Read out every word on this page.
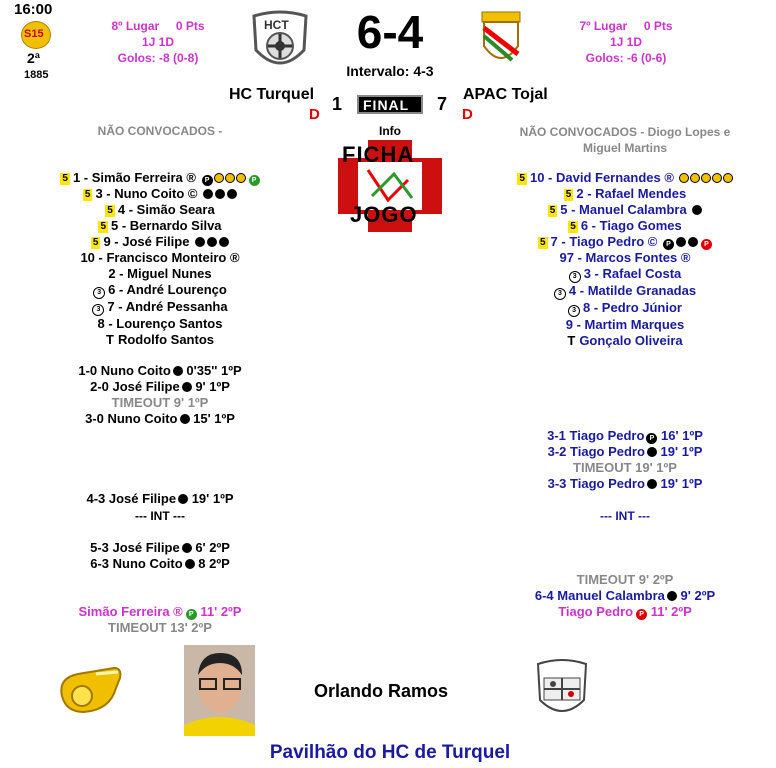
16:00
S15
2ª
1885
8º Lugar 0 Pts
1J 1D
Golos: -8 (0-8)
HCT	6-4
Intervalo: 4-3
7º Lugar 0 Pts
1J 1D
Golos: -6 (0-6)
HC Turquel
D
1 FINAL 7 APAC Tojal
D
NÃO CONVOCADOS -	NÃO CONVOCADOS - Diogo Lopes e Miguel Martins
Info
FICHA
JOGO
5 1 - Simão Ferreira ® P	P
5 3 - Nuno Coito ©
5 4 - Simão Seara
5 5 - Bernardo Silva
5 9 - José Filipe
10 - Francisco Monteiro ®
2 - Miguel Nunes
3 6 - André Lourenço
3 7 - André Pessanha
8 - Lourenço Santos
T Rodolfo Santos
5 10 - David Fernandes ®
5 2 - Rafael Mendes
5 5 - Manuel Calambra
5 6 - Tiago Gomes
5 7 - Tiago Pedro © P	P
97 - Marcos Fontes ®
3 3 - Rafael Costa
3 4 - Matilde Granadas
3 8 - Pedro Júnior
9 - Martim Marques
T Gonçalo Oliveira
1-0 Nuno Coito 0'35'' 1ºP
2-0 José Filipe 9' 1ºP
TIMEOUT 9' 1ºP
3-0 Nuno Coito 15' 1ºP
4-3 José Filipe 19' 1ºP
--- INT ---
5-3 José Filipe 6' 2ºP
6-3 Nuno Coito 8 2ºP
Simão Ferreira ® P 11' 2ºP
TIMEOUT 13' 2ºP
3-1 Tiago Pedro P 16' 1ºP
3-2 Tiago Pedro 19' 1ºP
TIMEOUT 19' 1ºP
3-3 Tiago Pedro 19' 1ºP
--- INT ---
TIMEOUT 9' 2ºP
6-4 Manuel Calambra 9' 2ºP
Tiago Pedro P 11' 2ºP
Orlando Ramos
Pavilhão do HC de Turquel
